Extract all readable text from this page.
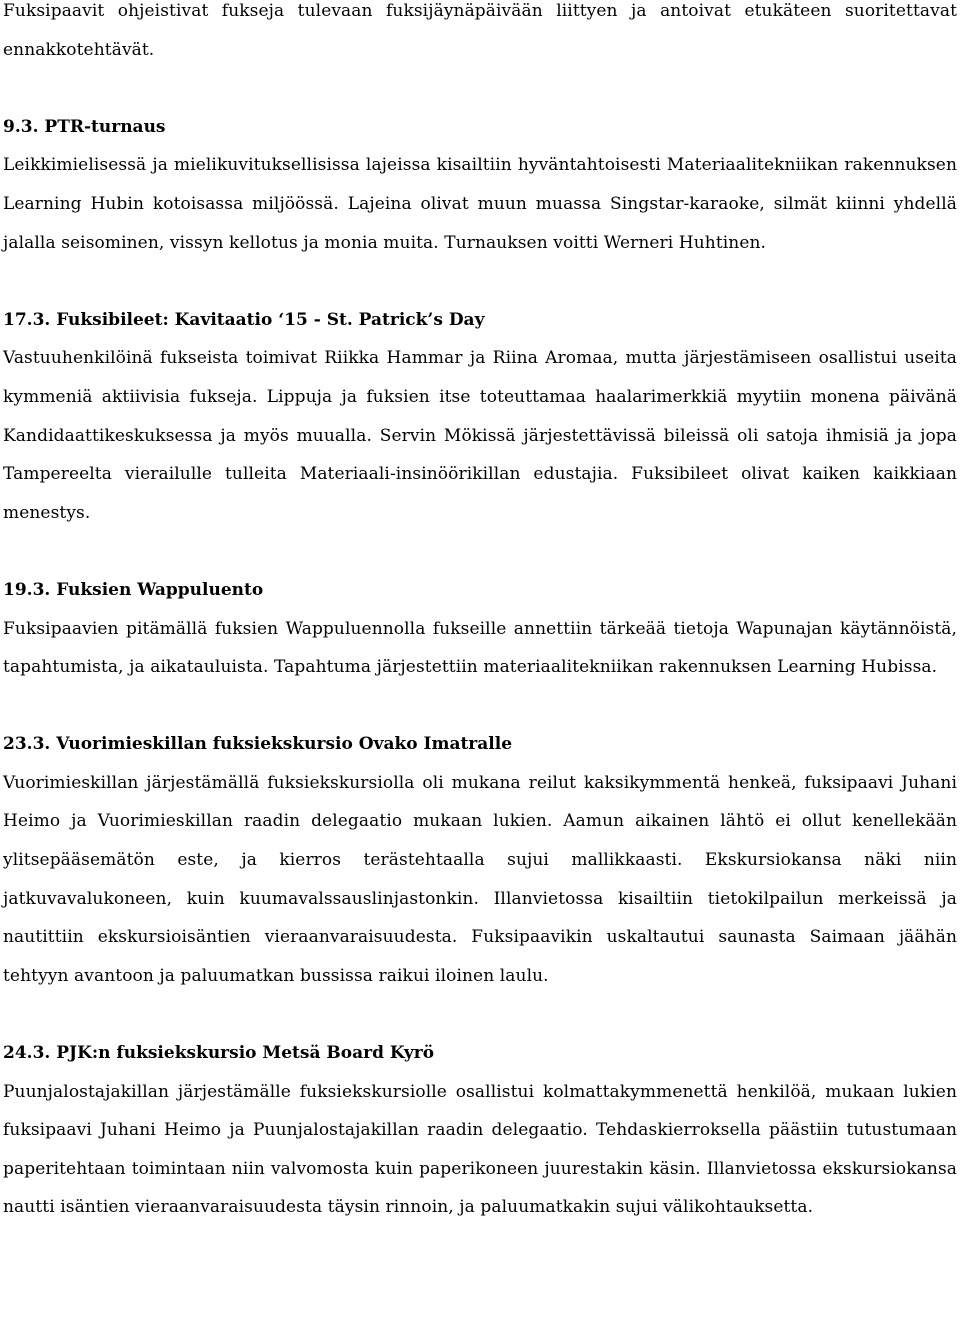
Fuksipaavit ohjeistivat fukseja tulevaan fuksijäynäpäivään liittyen ja antoivat etukäteen suoritettavat ennakkotehtävät.

9.3. PTR-turnaus

Leikkimielisessä ja mielikuvituksellisissa lajeissa kisailtiin hyväntahtoisesti Materiaalitekniikan rakennuksen Learning Hubin kotoisassa miljöössä. Lajeina olivat muun muassa Singstar-karaoke, silmät kiinni yhdellä jalalla seisominen, vissyn kellotus ja monia muita. Turnauksen voitti Werneri Huhtinen.

17.3. Fuksibileet: Kavitaatio ‘15 - St. Patrick’s Day

Vastuuhenkilöinä fukseista toimivat Riikka Hammar ja Riina Aromaa, mutta järjestämiseen osallistui useita kymmeniä aktiivisia fukseja. Lippuja ja fuksien itse toteuttamaa haalarimerkkiä myytiin monena päivänä Kandidaattikeskuksessa ja myös muualla. Servin Mökissä järjestettävissä bileissä oli satoja ihmisiä ja jopa Tampereelta vierailulle tulleita Materiaali-insinöörikillan edustajia. Fuksibileet olivat kaiken kaikkiaan menestys.

19.3. Fuksien Wappuluento

Fuksipaavien pitämällä fuksien Wappuluennolla fukseille annettiin tärkeää tietoja Wapunajan käytännöistä, tapahtumista, ja aikatauluista. Tapahtuma järjestettiin materiaalitekniikan rakennuksen Learning Hubissa.

23.3. Vuorimieskillan fuksiekskursio Ovako Imatralle

Vuorimieskillan järjestämällä fuksiekskursiolla oli mukana reilut kaksikymmentä henkeä, fuksipaavi Juhani Heimo ja Vuorimieskillan raadin delegaatio mukaan lukien. Aamun aikainen lähtö ei ollut kenellekään ylitsepääsemätön este, ja kierros terästehtaalla sujui mallikkaasti. Ekskursiokansa näki niin jatkuvavalukoneen, kuin kuumavalssauslinjastonkin. Illanvietossa kisailtiin tietokilpailun merkeissä ja nautittiin ekskursioisäntien vieraanvaraisuudesta. Fuksipaavikin uskaltautui saunasta Saimaan jäähän tehtyyn avantoon ja paluumatkan bussissa raikui iloinen laulu.

24.3. PJK:n fuksiekskursio Metsä Board Kyrö

Puunjalostajakillan järjestämälle fuksiekskursiolle osallistui kolmattakymmenettä henkilöä, mukaan lukien fuksipaavi Juhani Heimo ja Puunjalostajakillan raadin delegaatio. Tehdaskierroksella päästiin tutustumaan paperitehtaan toimintaan niin valvomosta kuin paperikoneen juurestakin käsin. Illanvietossa ekskursiokansa nautti isäntien vieraanvaraisuudesta täysin rinnoin, ja paluumatkakin sujui välikohtauksetta.
